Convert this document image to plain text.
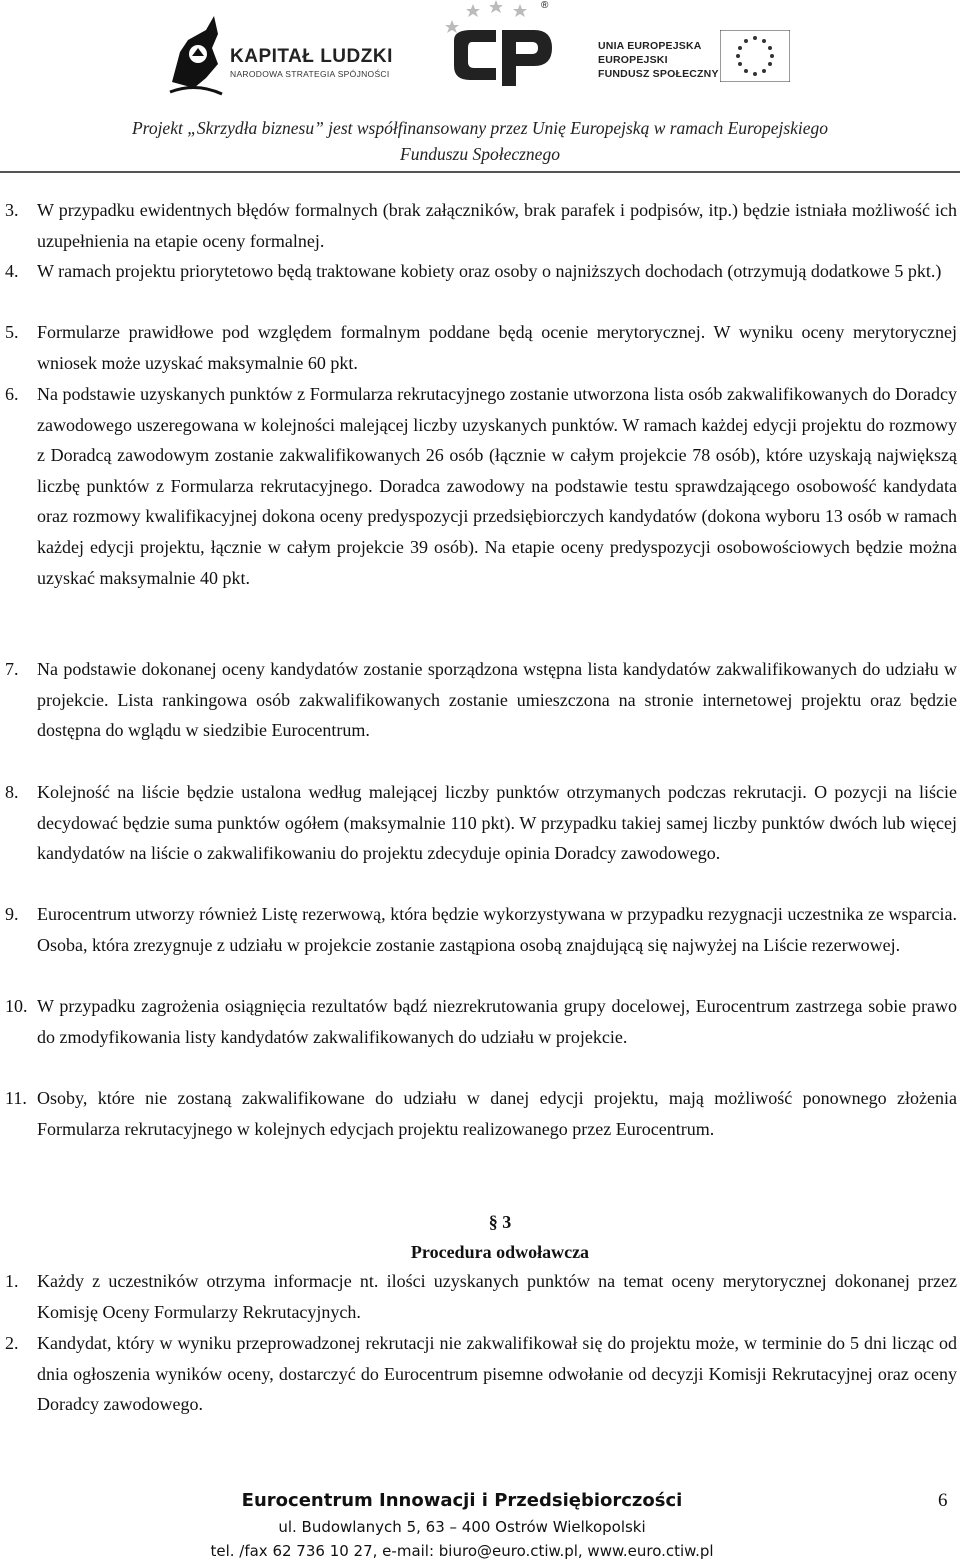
KAPITAŁ LUDZKI
NARODOWA STRATEGIA SPÓJNOŚCI
®
UNIA EUROPEJSKA
EUROPEJSKI
FUNDUSZ SPOŁECZNY
Projekt „Skrzydła biznesu” jest współfinansowany przez Unię Europejską w ramach Europejskiego
Funduszu Społecznego
3. W przypadku ewidentnych błędów formalnych (brak załączników, brak parafek i podpisów, itp.) będzie istniała możliwość ich uzupełnienia na etapie oceny formalnej.
4. W ramach projektu priorytetowo będą traktowane kobiety oraz osoby o najniższych dochodach (otrzymują dodatkowe 5 pkt.)
5. Formularze prawidłowe pod względem formalnym poddane będą ocenie merytorycznej. W wyniku oceny merytorycznej wniosek może uzyskać maksymalnie 60 pkt.
6. Na podstawie uzyskanych punktów z Formularza rekrutacyjnego zostanie utworzona lista osób zakwalifikowanych do Doradcy zawodowego uszeregowana w kolejności malejącej liczby uzyskanych punktów. W ramach każdej edycji projektu do rozmowy z Doradcą zawodowym zostanie zakwalifikowanych 26 osób (łącznie w całym projekcie 78 osób), które uzyskają największą liczbę punktów z Formularza rekrutacyjnego. Doradca zawodowy na podstawie testu sprawdzającego osobowość kandydata oraz rozmowy kwalifikacyjnej dokona oceny predyspozycji przedsiębiorczych kandydatów (dokona wyboru 13 osób w ramach każdej edycji projektu, łącznie w całym projekcie 39 osób). Na etapie oceny predyspozycji osobowościowych będzie można uzyskać maksymalnie 40 pkt.
7. Na podstawie dokonanej oceny kandydatów zostanie sporządzona wstępna lista kandydatów zakwalifikowanych do udziału w projekcie. Lista rankingowa osób zakwalifikowanych zostanie umieszczona na stronie internetowej projektu oraz będzie dostępna do wglądu w siedzibie Eurocentrum.
8. Kolejność na liście będzie ustalona według malejącej liczby punktów otrzymanych podczas rekrutacji. O pozycji na liście decydować będzie suma punktów ogółem (maksymalnie 110 pkt). W przypadku takiej samej liczby punktów dwóch lub więcej kandydatów na liście o zakwalifikowaniu do projektu zdecyduje opinia Doradcy zawodowego.
9. Eurocentrum utworzy również Listę rezerwową, która będzie wykorzystywana w przypadku rezygnacji uczestnika ze wsparcia. Osoba, która zrezygnuje z udziału w projekcie zostanie zastąpiona osobą znajdującą się najwyżej na Liście rezerwowej.
10. W przypadku zagrożenia osiągnięcia rezultatów bądź niezrekrutowania grupy docelowej, Eurocentrum zastrzega sobie prawo do zmodyfikowania listy kandydatów zakwalifikowanych do udziału w projekcie.
11. Osoby, które nie zostaną zakwalifikowane do udziału w danej edycji projektu, mają możliwość ponownego złożenia Formularza rekrutacyjnego w kolejnych edycjach projektu realizowanego przez Eurocentrum.
§ 3
Procedura odwoławcza
1. Każdy z uczestników otrzyma informacje nt. ilości uzyskanych punktów na temat oceny merytorycznej dokonanej przez Komisję Oceny Formularzy Rekrutacyjnych.
2. Kandydat, który w wyniku przeprowadzonej rekrutacji nie zakwalifikował się do projektu może, w terminie do 5 dni licząc od dnia ogłoszenia wyników oceny, dostarczyć do Eurocentrum pisemne odwołanie od decyzji Komisji Rekrutacyjnej oraz oceny Doradcy zawodowego.
Eurocentrum Innowacji i Przedsiębiorczości
ul. Budowlanych 5, 63 – 400 Ostrów Wielkopolski
tel. /fax 62 736 10 27, e-mail: biuro@euro.ctiw.pl, www.euro.ctiw.pl
6
